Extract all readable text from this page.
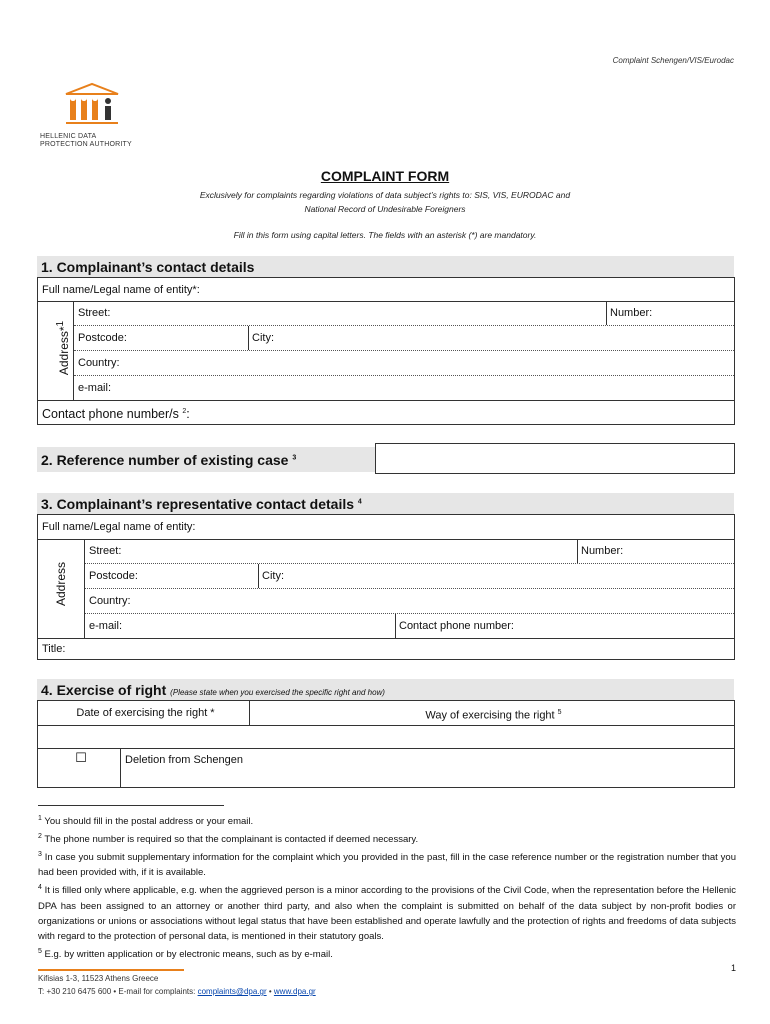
Complaint Schengen/VIS/Eurodac
HELLENIC DATA
PROTECTION AUTHORITY
COMPLAINT FORM
Exclusively for complaints regarding violations of data subject’s rights to: SIS, VIS, EURODAC and
National Record of Undesirable Foreigners
Fill in this form using capital letters. The fields with an asterisk (*) are mandatory.
1. Complainant’s contact details
Full name/Legal name of entity*:
Address*$^1$
Street:	Number:
Postcode:	City:
Country:
e-mail:
Contact phone number/s $^2$:
2. Reference number of existing case $^3$
3. Complainant’s representative contact details $^4$
Full name/Legal name of entity:
Address
Street:	Number:
Postcode:	City:
Country:
e-mail:	Contact phone number:
Title:
4. Exercise of right (Please state when you exercised the specific right and how)
Date of exercising the right *	Way of exercising the right $^5$
☐	Deletion from Schengen
$^1$ You should fill in the postal address or your email.
$^2$ The phone number is required so that the complainant is contacted if deemed necessary.
$^3$ In case you submit supplementary information for the complaint which you provided in the past, fill in the case reference number or the registration number that you had been provided with, if it is available.
$^4$ It is filled only where applicable, e.g. when the aggrieved person is a minor according to the provisions of the Civil Code, when the representation before the Hellenic DPA has been assigned to an attorney or another third party, and also when the complaint is submitted on behalf of the data subject by non-profit bodies or organizations or unions or associations without legal status that have been established and operate lawfully and the protection of rights and freedoms of data subjects with regard to the protection of personal data, is mentioned in their statutory goals.
$^5$ E.g. by written application or by electronic means, such as by e-mail.
1
Kifisias 1-3, 11523 Athens Greece
T: +30 210 6475 600 • E-mail for complaints: complaints@dpa.gr • www.dpa.gr
